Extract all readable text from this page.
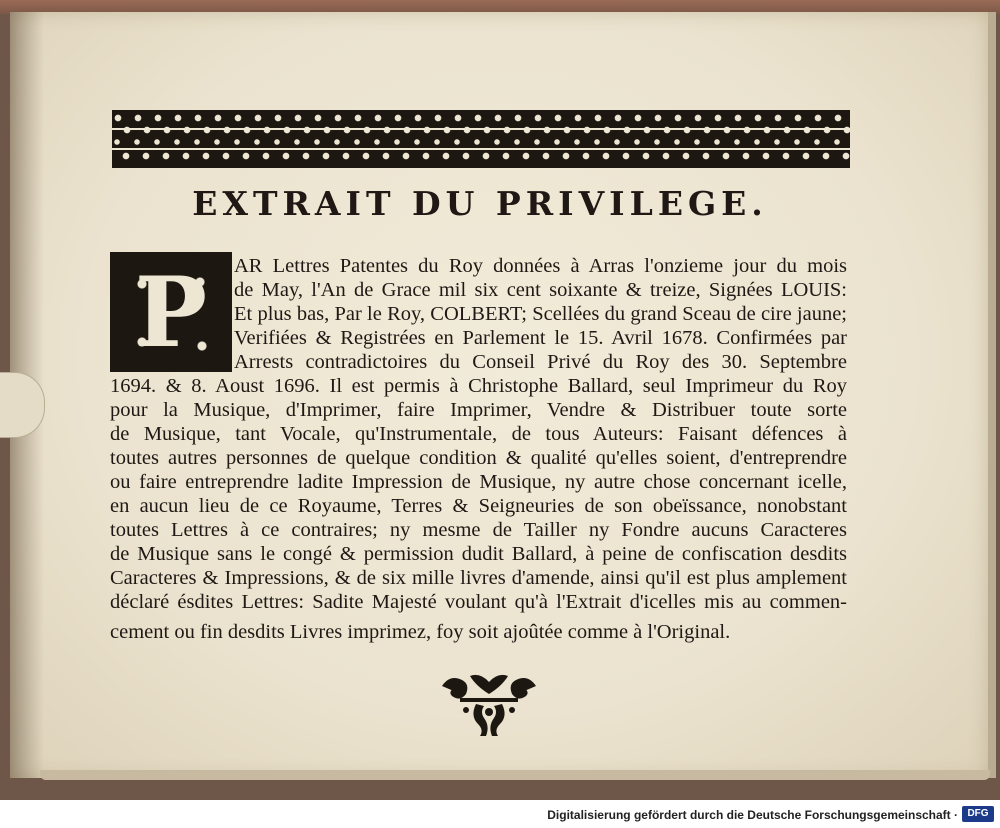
EXTRAIT DU PRIVILEGE.
P	AR Lettres Patentes du Roy données à Arras l'onzieme jour du mois
de May, l'An de Grace mil six cent soixante & treize, Signées LOUIS:
Et plus bas, Par le Roy, COLBERT; Scellées du grand Sceau de cire jaune;
Verifiées & Registrées en Parlement le 15. Avril 1678. Confirmées par
Arrests contradictoires du Conseil Privé du Roy des 30. Septembre
1694. & 8. Aoust 1696. Il est permis à Christophe Ballard, seul Imprimeur du Roy
pour la Musique, d'Imprimer, faire Imprimer, Vendre & Distribuer toute sorte
de Musique, tant Vocale, qu'Instrumentale, de tous Auteurs: Faisant défences à
toutes autres personnes de quelque condition & qualité qu'elles soient, d'entreprendre
ou faire entreprendre ladite Impression de Musique, ny autre chose concernant icelle,
en aucun lieu de ce Royaume, Terres & Seigneuries de son obeïssance, nonobstant
toutes Lettres à ce contraires; ny mesme de Tailler ny Fondre aucuns Caracteres
de Musique sans le congé & permission dudit Ballard, à peine de confiscation desdits
Caracteres & Impressions, & de six mille livres d'amende, ainsi qu'il est plus amplement
déclaré ésdites Lettres: Sadite Majesté voulant qu'à l'Extrait d'icelles mis au commen-
cement ou fin desdits Livres imprimez, foy soit ajoûtée comme à l'Original.
Digitalisierung gefördert durch die Deutsche Forschungsgemeinschaft · DFG
